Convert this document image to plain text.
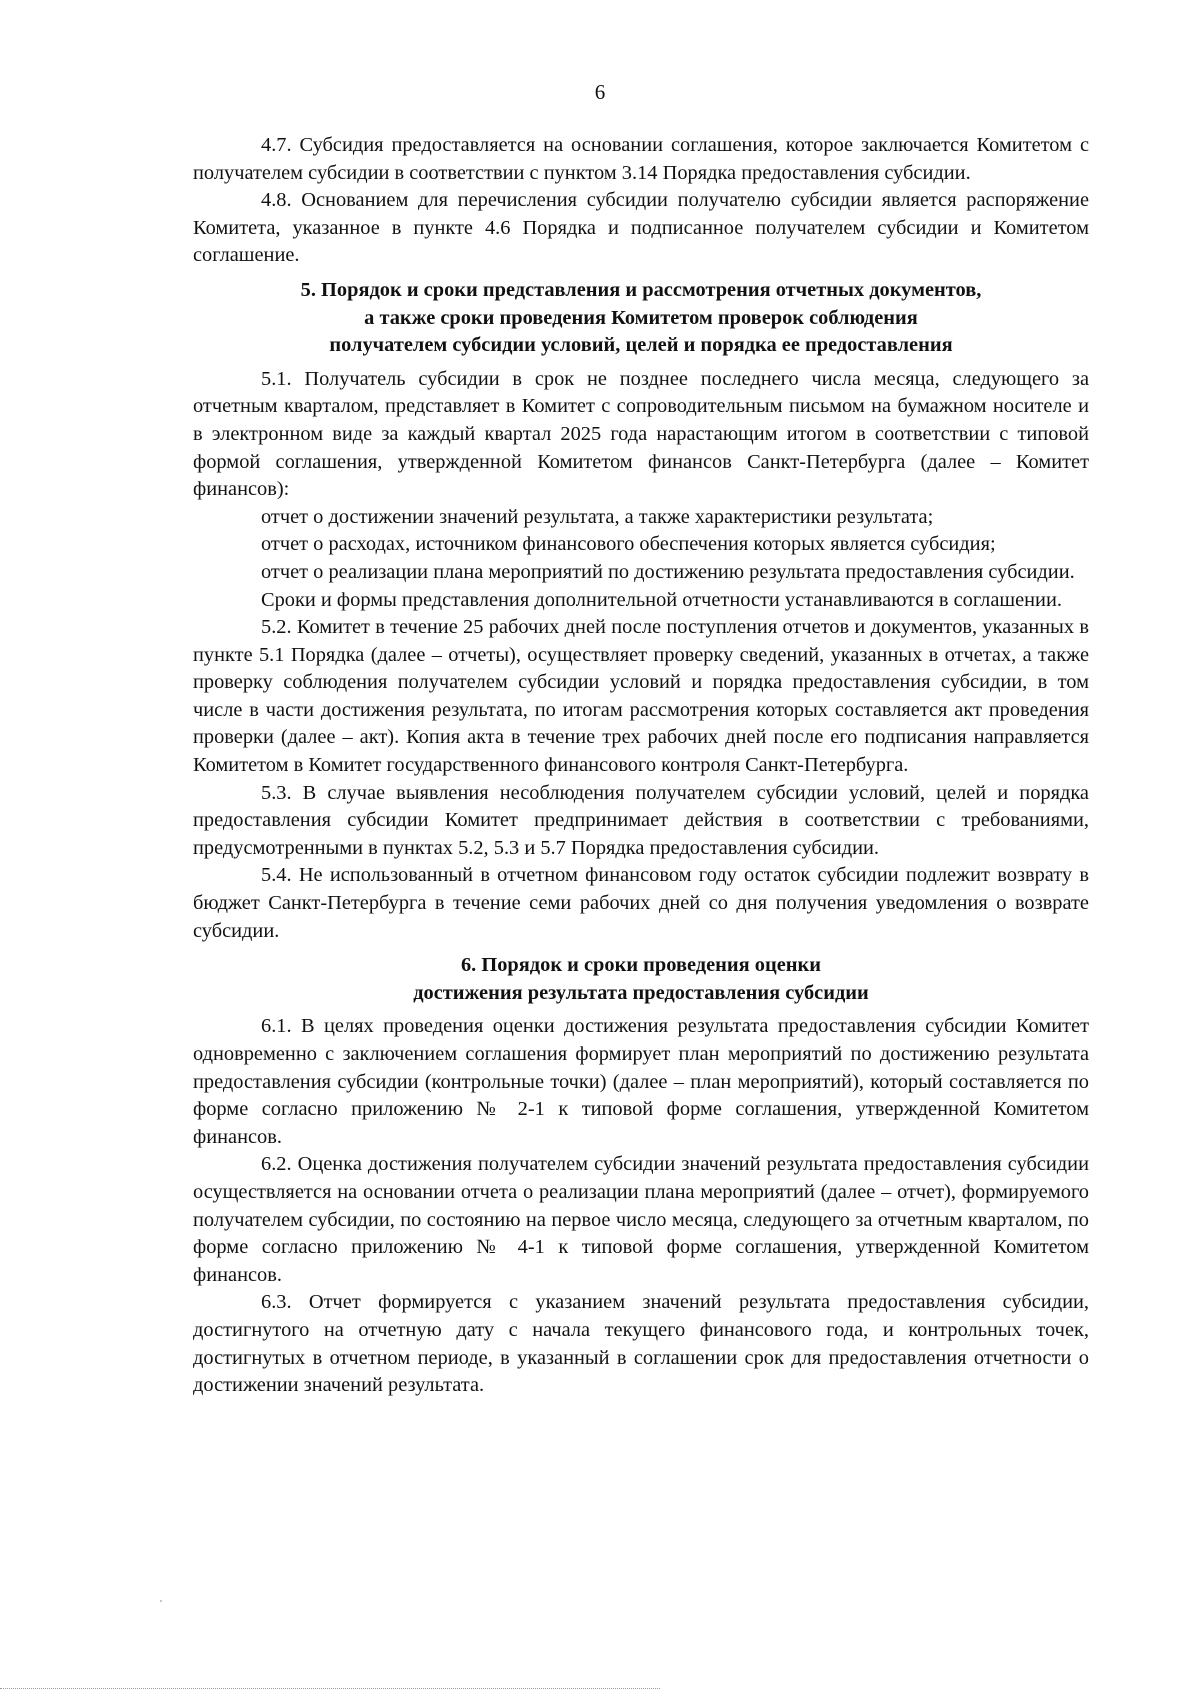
6

4.7. Субсидия предоставляется на основании соглашения, которое заключается Комитетом с получателем субсидии в соответствии с пунктом 3.14 Порядка предоставления субсидии.

4.8. Основанием для перечисления субсидии получателю субсидии является распоряжение Комитета, указанное в пункте 4.6 Порядка и подписанное получателем субсидии и Комитетом соглашение.

5. Порядок и сроки представления и рассмотрения отчетных документов,
а также сроки проведения Комитетом проверок соблюдения
получателем субсидии условий, целей и порядка ее предоставления

5.1. Получатель субсидии в срок не позднее последнего числа месяца, следующего за отчетным кварталом, представляет в Комитет с сопроводительным письмом на бумажном носителе и в электронном виде за каждый квартал 2025 года нарастающим итогом в соответствии с типовой формой соглашения, утвержденной Комитетом финансов Санкт-Петербурга (далее – Комитет финансов):

отчет о достижении значений результата, а также характеристики результата;

отчет о расходах, источником финансового обеспечения которых является субсидия;

отчет о реализации плана мероприятий по достижению результата предоставления субсидии.

Сроки и формы представления дополнительной отчетности устанавливаются в соглашении.

5.2. Комитет в течение 25 рабочих дней после поступления отчетов и документов, указанных в пункте 5.1 Порядка (далее – отчеты), осуществляет проверку сведений, указанных в отчетах, а также проверку соблюдения получателем субсидии условий и порядка предоставления субсидии, в том числе в части достижения результата, по итогам рассмотрения которых составляется акт проведения проверки (далее – акт). Копия акта в течение трех рабочих дней после его подписания направляется Комитетом в Комитет государственного финансового контроля Санкт-Петербурга.

5.3. В случае выявления несоблюдения получателем субсидии условий, целей и порядка предоставления субсидии Комитет предпринимает действия в соответствии с требованиями, предусмотренными в пунктах 5.2, 5.3 и 5.7 Порядка предоставления субсидии.

5.4. Не использованный в отчетном финансовом году остаток субсидии подлежит возврату в бюджет Санкт-Петербурга в течение семи рабочих дней со дня получения уведомления о возврате субсидии.

6. Порядок и сроки проведения оценки
достижения результата предоставления субсидии

6.1. В целях проведения оценки достижения результата предоставления субсидии Комитет одновременно с заключением соглашения формирует план мероприятий по достижению результата предоставления субсидии (контрольные точки) (далее – план мероприятий), который составляется по форме согласно приложению № 2-1 к типовой форме соглашения, утвержденной Комитетом финансов.

6.2. Оценка достижения получателем субсидии значений результата предоставления субсидии осуществляется на основании отчета о реализации плана мероприятий (далее – отчет), формируемого получателем субсидии, по состоянию на первое число месяца, следующего за отчетным кварталом, по форме согласно приложению № 4-1 к типовой форме соглашения, утвержденной Комитетом финансов.

6.3. Отчет формируется с указанием значений результата предоставления субсидии, достигнутого на отчетную дату с начала текущего финансового года, и контрольных точек, достигнутых в отчетном периоде, в указанный в соглашении срок для предоставления отчетности о достижении значений результата.
